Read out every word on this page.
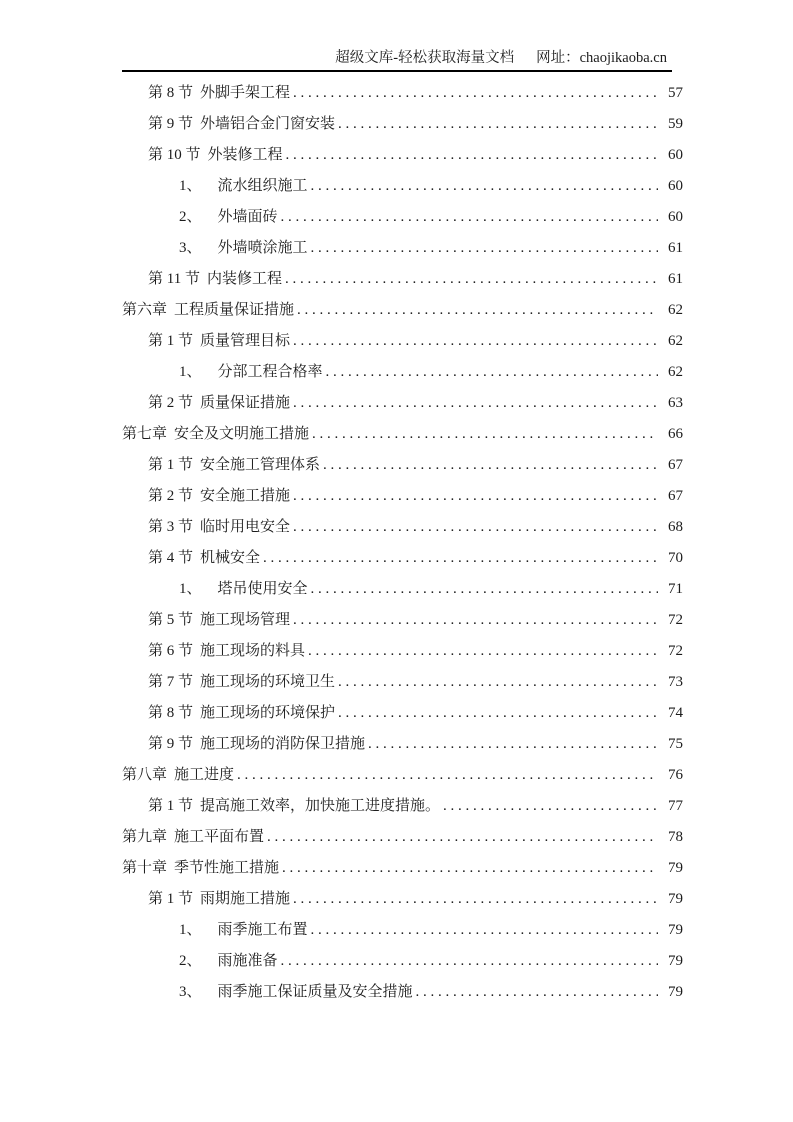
超级文库-轻松获取海量文档 网址：chaojikaoba.cn
第 8 节 外脚手架工程 . . .	57
第 9 节 外墙铝合金门窗安装 . . .	59
第 10 节 外装修工程 . . .	60
1、 流水组织施工 . . .	60
2、 外墙面砖 . . .	60
3、 外墙喷涂施工 . . .	61
第 11 节 内装修工程 . . .	61
第六章 工程质量保证措施 . . .	62
第 1 节 质量管理目标 . . .	62
1、 分部工程合格率 . . .	62
第 2 节 质量保证措施 . . .	63
第七章 安全及文明施工措施 . . .	66
第 1 节 安全施工管理体系 . . .	67
第 2 节 安全施工措施 . . .	67
第 3 节 临时用电安全 . . .	68
第 4 节 机械安全 . . .	70
1、 塔吊使用安全 . . .	71
第 5 节 施工现场管理 . . .	72
第 6 节 施工现场的料具 . . .	72
第 7 节 施工现场的环境卫生 . . .	73
第 8 节 施工现场的环境保护 . . .	74
第 9 节 施工现场的消防保卫措施 . . .	75
第八章 施工进度 . . .	76
第 1 节 提高施工效率，加快施工进度措施。 . . .	77
第九章 施工平面布置 . . .	78
第十章 季节性施工措施 . . .	79
第 1 节 雨期施工措施 . . .	79
1、 雨季施工布置 . . .	79
2、 雨施准备 . . .	79
3、 雨季施工保证质量及安全措施 . . .	79
